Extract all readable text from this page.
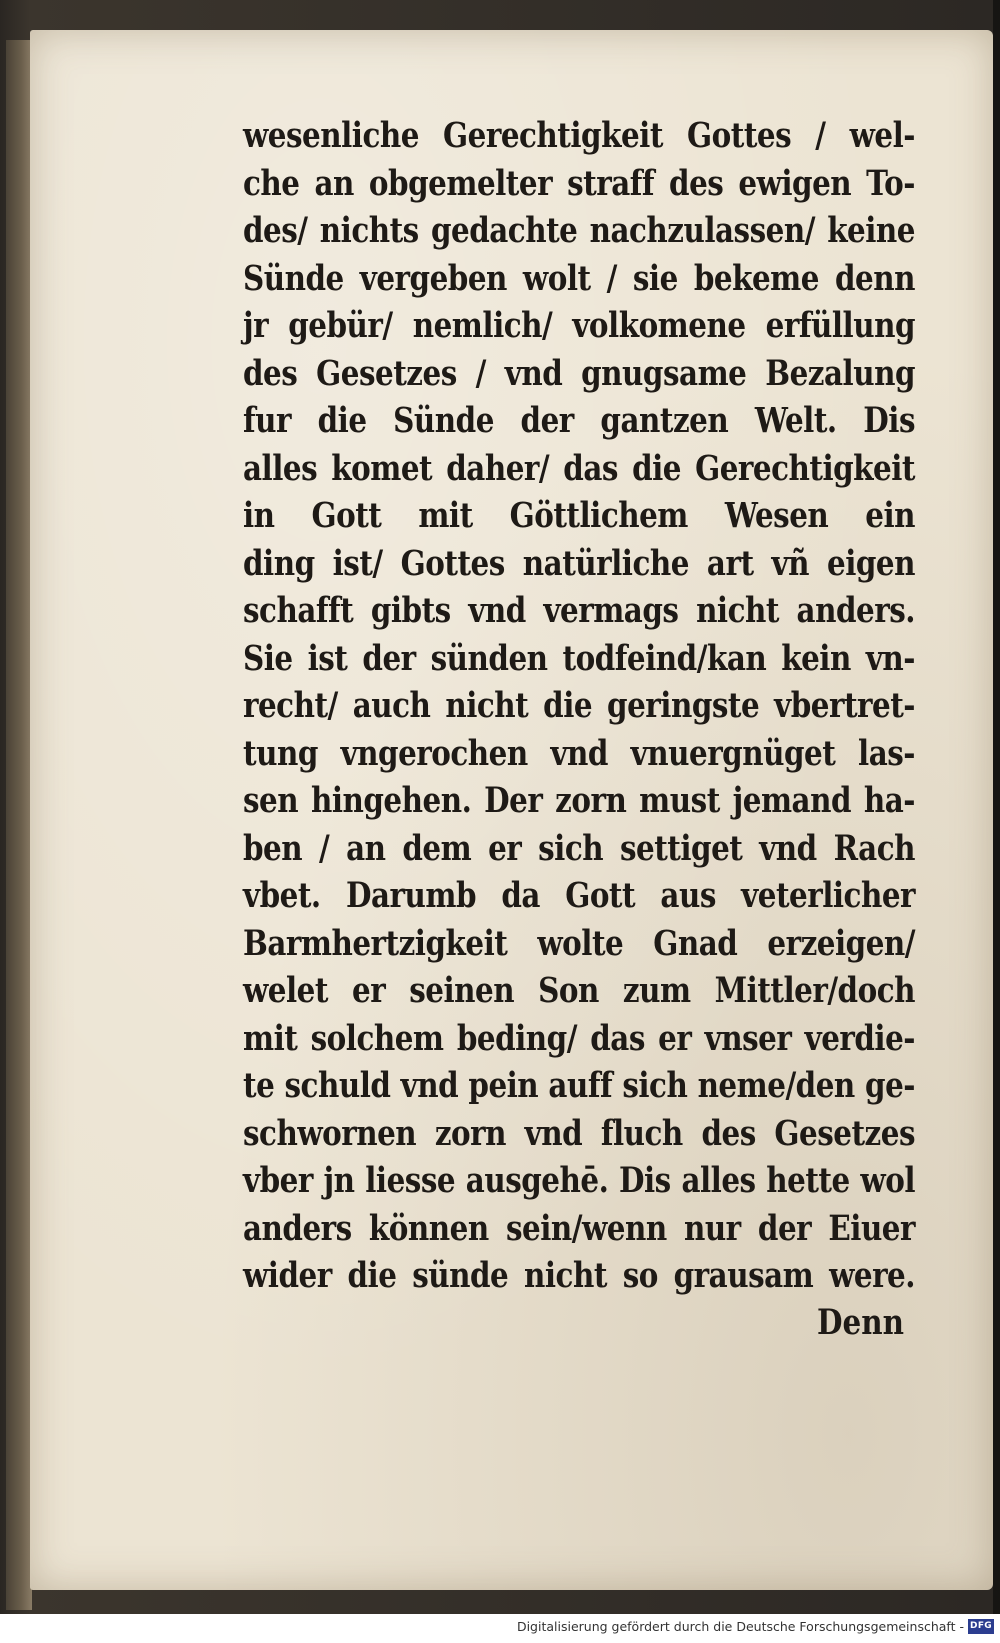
wesenliche Gerechtigkeit Gottes / wel-
che an obgemelter straff des ewigen To-
des/ nichts gedachte nachzulassen/ keine
Sünde vergeben wolt / sie bekeme denn
jr gebür/ nemlich/ volkomene erfüllung
des Gesetzes / vnd gnugsame Bezalung
fur die Sünde der gantzen Welt. Dis
alles komet daher/ das die Gerechtigkeit
in Gott mit Göttlichem Wesen ein
ding ist/ Gottes natürliche art vñ eigen
schafft gibts vnd vermags nicht anders.
Sie ist der sünden todfeind/kan kein vn-
recht/ auch nicht die geringste vbertret-
tung vngerochen vnd vnuergnüget las-
sen hingehen. Der zorn must jemand ha-
ben / an dem er sich settiget vnd Rach
vbet. Darumb da Gott aus veterlicher
Barmhertzigkeit wolte Gnad erzeigen/
welet er seinen Son zum Mittler/doch
mit solchem beding/ das er vnser verdie-
te schuld vnd pein auff sich neme/den ge-
schwornen zorn vnd fluch des Gesetzes
vber jn liesse ausgehē. Dis alles hette wol
anders können sein/wenn nur der Eiuer
wider die sünde nicht so grausam were.
Denn
Digitalisierung gefördert durch die Deutsche Forschungsgemeinschaft - DFG
